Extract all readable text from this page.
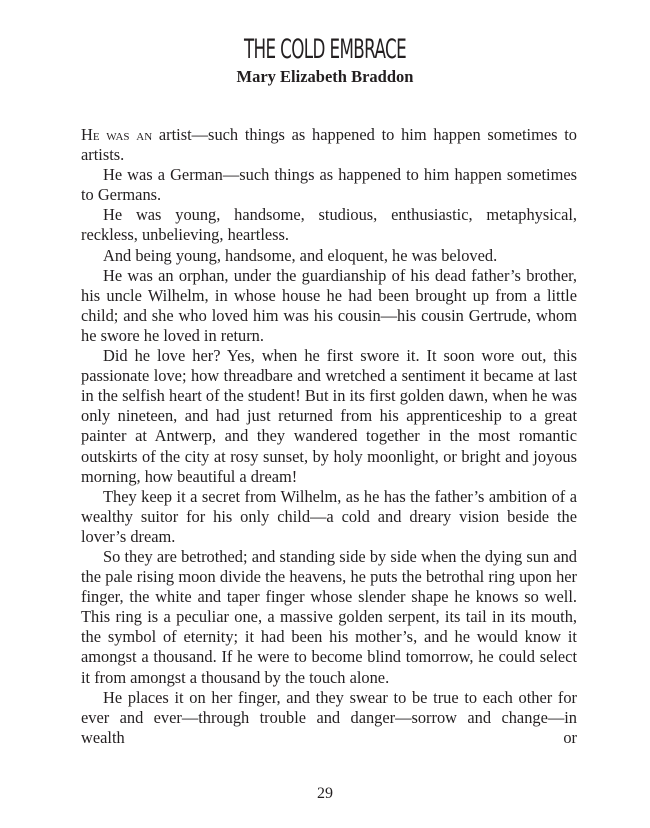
THE COLD EMBRACE
Mary Elizabeth Braddon

He was an artist—such things as happened to him happen sometimes to artists.

He was a German—such things as happened to him happen sometimes to Germans.

He was young, handsome, studious, enthusiastic, metaphysical, reckless, unbelieving, heartless.

And being young, handsome, and eloquent, he was beloved.

He was an orphan, under the guardianship of his dead father’s brother, his uncle Wilhelm, in whose house he had been brought up from a little child; and she who loved him was his cousin—his cousin Gertrude, whom he swore he loved in return.

Did he love her? Yes, when he first swore it. It soon wore out, this passionate love; how threadbare and wretched a sentiment it became at last in the selfish heart of the student! But in its first golden dawn, when he was only nineteen, and had just returned from his apprenticeship to a great painter at Antwerp, and they wandered together in the most romantic outskirts of the city at rosy sunset, by holy moonlight, or bright and joyous morning, how beautiful a dream!

They keep it a secret from Wilhelm, as he has the father’s ambition of a wealthy suitor for his only child—a cold and dreary vision beside the lover’s dream.

So they are betrothed; and standing side by side when the dying sun and the pale rising moon divide the heavens, he puts the betrothal ring upon her finger, the white and taper finger whose slender shape he knows so well. This ring is a peculiar one, a massive golden serpent, its tail in its mouth, the symbol of eternity; it had been his mother’s, and he would know it amongst a thousand. If he were to become blind tomorrow, he could select it from amongst a thousand by the touch alone.

He places it on her finger, and they swear to be true to each other for ever and ever—through trouble and danger—sorrow and change—in wealth or

29
